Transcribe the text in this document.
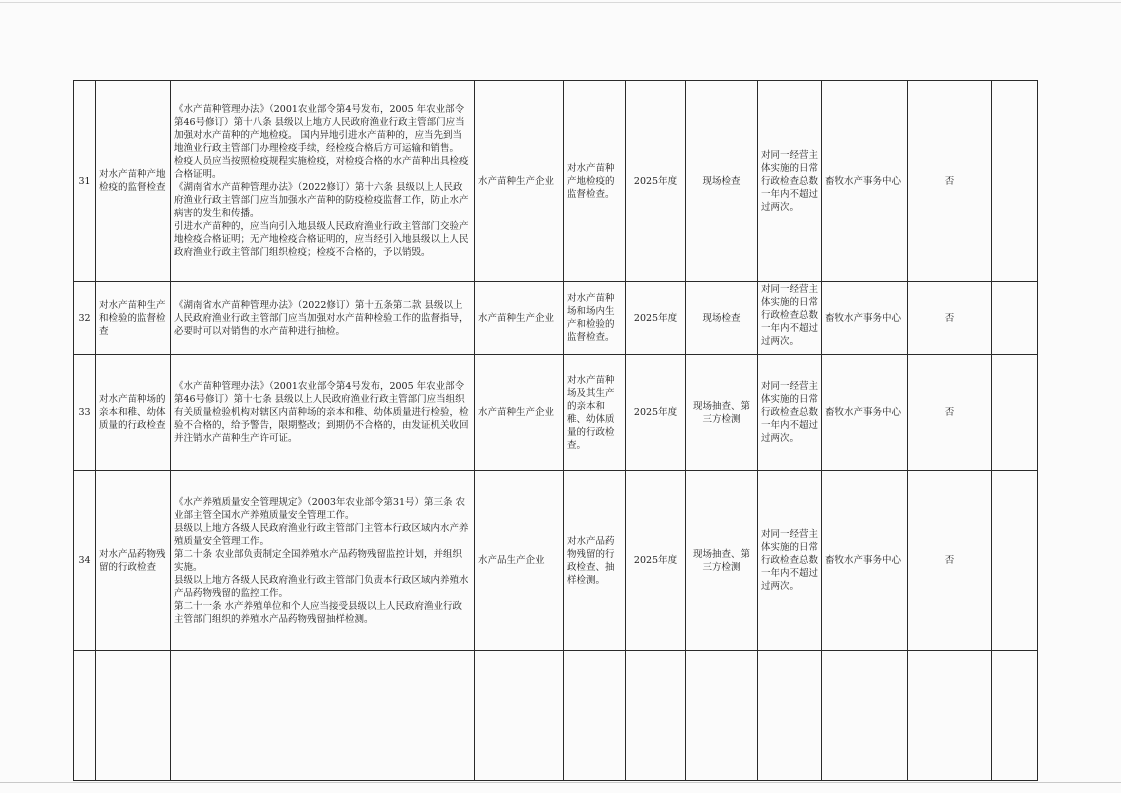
31	对水产苗种产地检疫的监督检查	《水产苗种管理办法》（2001农业部令第4号发布，2005 年农业部令第46号修订）第十八条 县级以上地方人民政府渔业行政主管部门应当加强对水产苗种的产地检疫。 国内异地引进水产苗种的，应当先到当地渔业行政主管部门办理检疫手续，经检疫合格后方可运输和销售。 检疫人员应当按照检疫规程实施检疫，对检疫合格的水产苗种出具检疫合格证明。
《湖南省水产苗种管理办法》（2022修订）第十六条 县级以上人民政府渔业行政主管部门应当加强水产苗种的防疫检疫监督工作，防止水产病害的发生和传播。
引进水产苗种的，应当向引入地县级人民政府渔业行政主管部门交验产地检疫合格证明；无产地检疫合格证明的，应当经引入地县级以上人民政府渔业行政主管部门组织检疫；检疫不合格的，予以销毁。	水产苗种生产企业	对水产苗种产地检疫的监督检查。	2025年度	现场检查	对同一经营主体实施的日常行政检查总数一年内不超过过两次。	畜牧水产事务中心	否	
32	对水产苗种生产和检验的监督检查	《湖南省水产苗种管理办法》（2022修订）第十五条第二款 县级以上人民政府渔业行政主管部门应当加强对水产苗种检验工作的监督指导，必要时可以对销售的水产苗种进行抽检。	水产苗种生产企业	对水产苗种场和场内生产和检验的监督检查。	2025年度	现场检查	对同一经营主体实施的日常行政检查总数一年内不超过过两次。	畜牧水产事务中心	否	
33	对水产苗种场的亲本和稚、幼体质量的行政检查	《水产苗种管理办法》（2001农业部令第4号发布，2005 年农业部令第46号修订）第十七条 县级以上人民政府渔业行政主管部门应当组织有关质量检验机构对辖区内苗种场的亲本和稚、幼体质量进行检验，检验不合格的，给予警告，限期整改；到期仍不合格的，由发证机关收回并注销水产苗种生产许可证。	水产苗种生产企业	对水产苗种场及其生产的亲本和稚、幼体质量的行政检查。	2025年度	现场抽查、第三方检测	对同一经营主体实施的日常行政检查总数一年内不超过过两次。	畜牧水产事务中心	否	
34	对水产品药物残留的行政检查	《水产养殖质量安全管理规定》（2003年农业部令第31号）第三条 农业部主管全国水产养殖质量安全管理工作。
县级以上地方各级人民政府渔业行政主管部门主管本行政区域内水产养殖质量安全管理工作。
第二十条 农业部负责制定全国养殖水产品药物残留监控计划，并组织实施。
县级以上地方各级人民政府渔业行政主管部门负责本行政区域内养殖水产品药物残留的监控工作。
第二十一条 水产养殖单位和个人应当接受县级以上人民政府渔业行政主管部门组织的养殖水产品药物残留抽样检测。	水产品生产企业	对水产品药物残留的行政检查、抽样检测。	2025年度	现场抽查、第三方检测	对同一经营主体实施的日常行政检查总数一年内不超过过两次。	畜牧水产事务中心	否	
